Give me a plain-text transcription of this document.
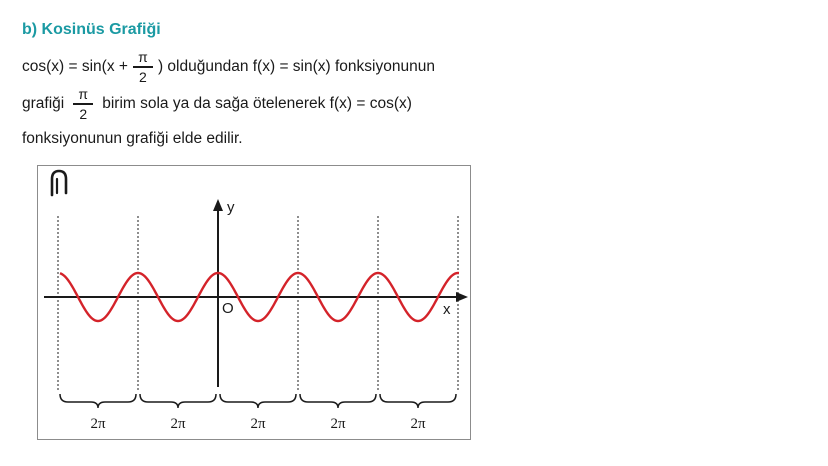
b) Kosinüs Grafiği
$\cos(x) = \sin(x + \frac{\pi}{2}$ ) olduğundan f(x) = sin(x) fonksiyonunun
grafiği $\frac{\pi}{2}$ birim sola ya da sağa ötelenerek f(x) = cos(x)
fonksiyonunun grafiği elde edilir.
y
x
O
2π	2π	2π	2π	2π
